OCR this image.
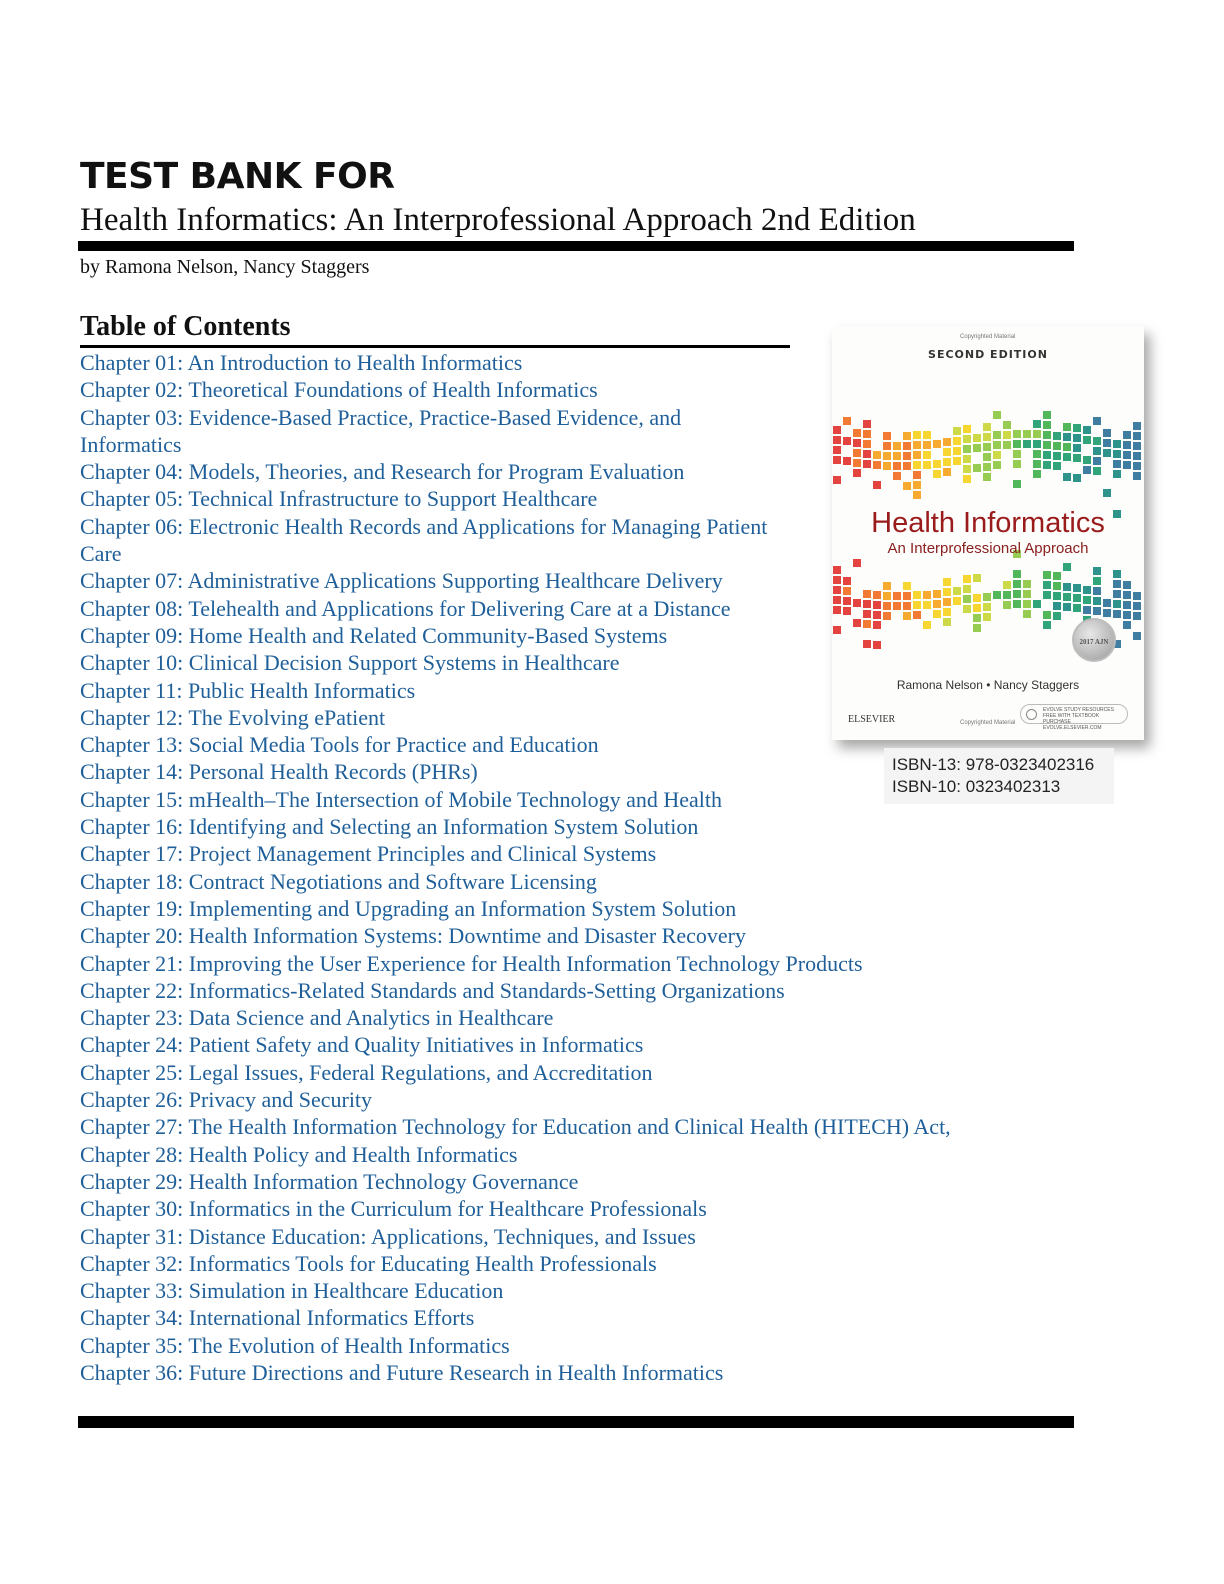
TEST BANK FOR
Health Informatics: An Interprofessional Approach 2nd Edition
by Ramona Nelson, Nancy Staggers
Table of Contents
Chapter 01: An Introduction to Health Informatics
Chapter 02: Theoretical Foundations of Health Informatics
Chapter 03: Evidence-Based Practice, Practice-Based Evidence, and Informatics
Chapter 04: Models, Theories, and Research for Program Evaluation
Chapter 05: Technical Infrastructure to Support Healthcare
Chapter 06: Electronic Health Records and Applications for Managing Patient Care
Chapter 07: Administrative Applications Supporting Healthcare Delivery
Chapter 08: Telehealth and Applications for Delivering Care at a Distance
Chapter 09: Home Health and Related Community-Based Systems
Chapter 10: Clinical Decision Support Systems in Healthcare
Chapter 11: Public Health Informatics
Chapter 12: The Evolving ePatient
Chapter 13: Social Media Tools for Practice and Education
Chapter 14: Personal Health Records (PHRs)
Chapter 15: mHealth–The Intersection of Mobile Technology and Health
Chapter 16: Identifying and Selecting an Information System Solution
Chapter 17: Project Management Principles and Clinical Systems
Chapter 18: Contract Negotiations and Software Licensing
Chapter 19: Implementing and Upgrading an Information System Solution
Chapter 20: Health Information Systems: Downtime and Disaster Recovery
Chapter 21: Improving the User Experience for Health Information Technology Products
Chapter 22: Informatics-Related Standards and Standards-Setting Organizations
Chapter 23: Data Science and Analytics in Healthcare
Chapter 24: Patient Safety and Quality Initiatives in Informatics
Chapter 25: Legal Issues, Federal Regulations, and Accreditation
Chapter 26: Privacy and Security
Chapter 27: The Health Information Technology for Education and Clinical Health (HITECH) Act,
Chapter 28: Health Policy and Health Informatics
Chapter 29: Health Information Technology Governance
Chapter 30: Informatics in the Curriculum for Healthcare Professionals
Chapter 31: Distance Education: Applications, Techniques, and Issues
Chapter 32: Informatics Tools for Educating Health Professionals
Chapter 33: Simulation in Healthcare Education
Chapter 34: International Informatics Efforts
Chapter 35: The Evolution of Health Informatics
Chapter 36: Future Directions and Future Research in Health Informatics
Copyrighted Material
SECOND EDITION
Health Informatics
An Interprofessional Approach
2017 AJN
Ramona Nelson • Nancy Staggers
ELSEVIER
EVOLVE STUDY RESOURCES FREE WITH TEXTBOOK PURCHASE EVOLVE.ELSEVIER.COM
Copyrighted Material
ISBN-13: 978-0323402316
ISBN-10: 0323402313
